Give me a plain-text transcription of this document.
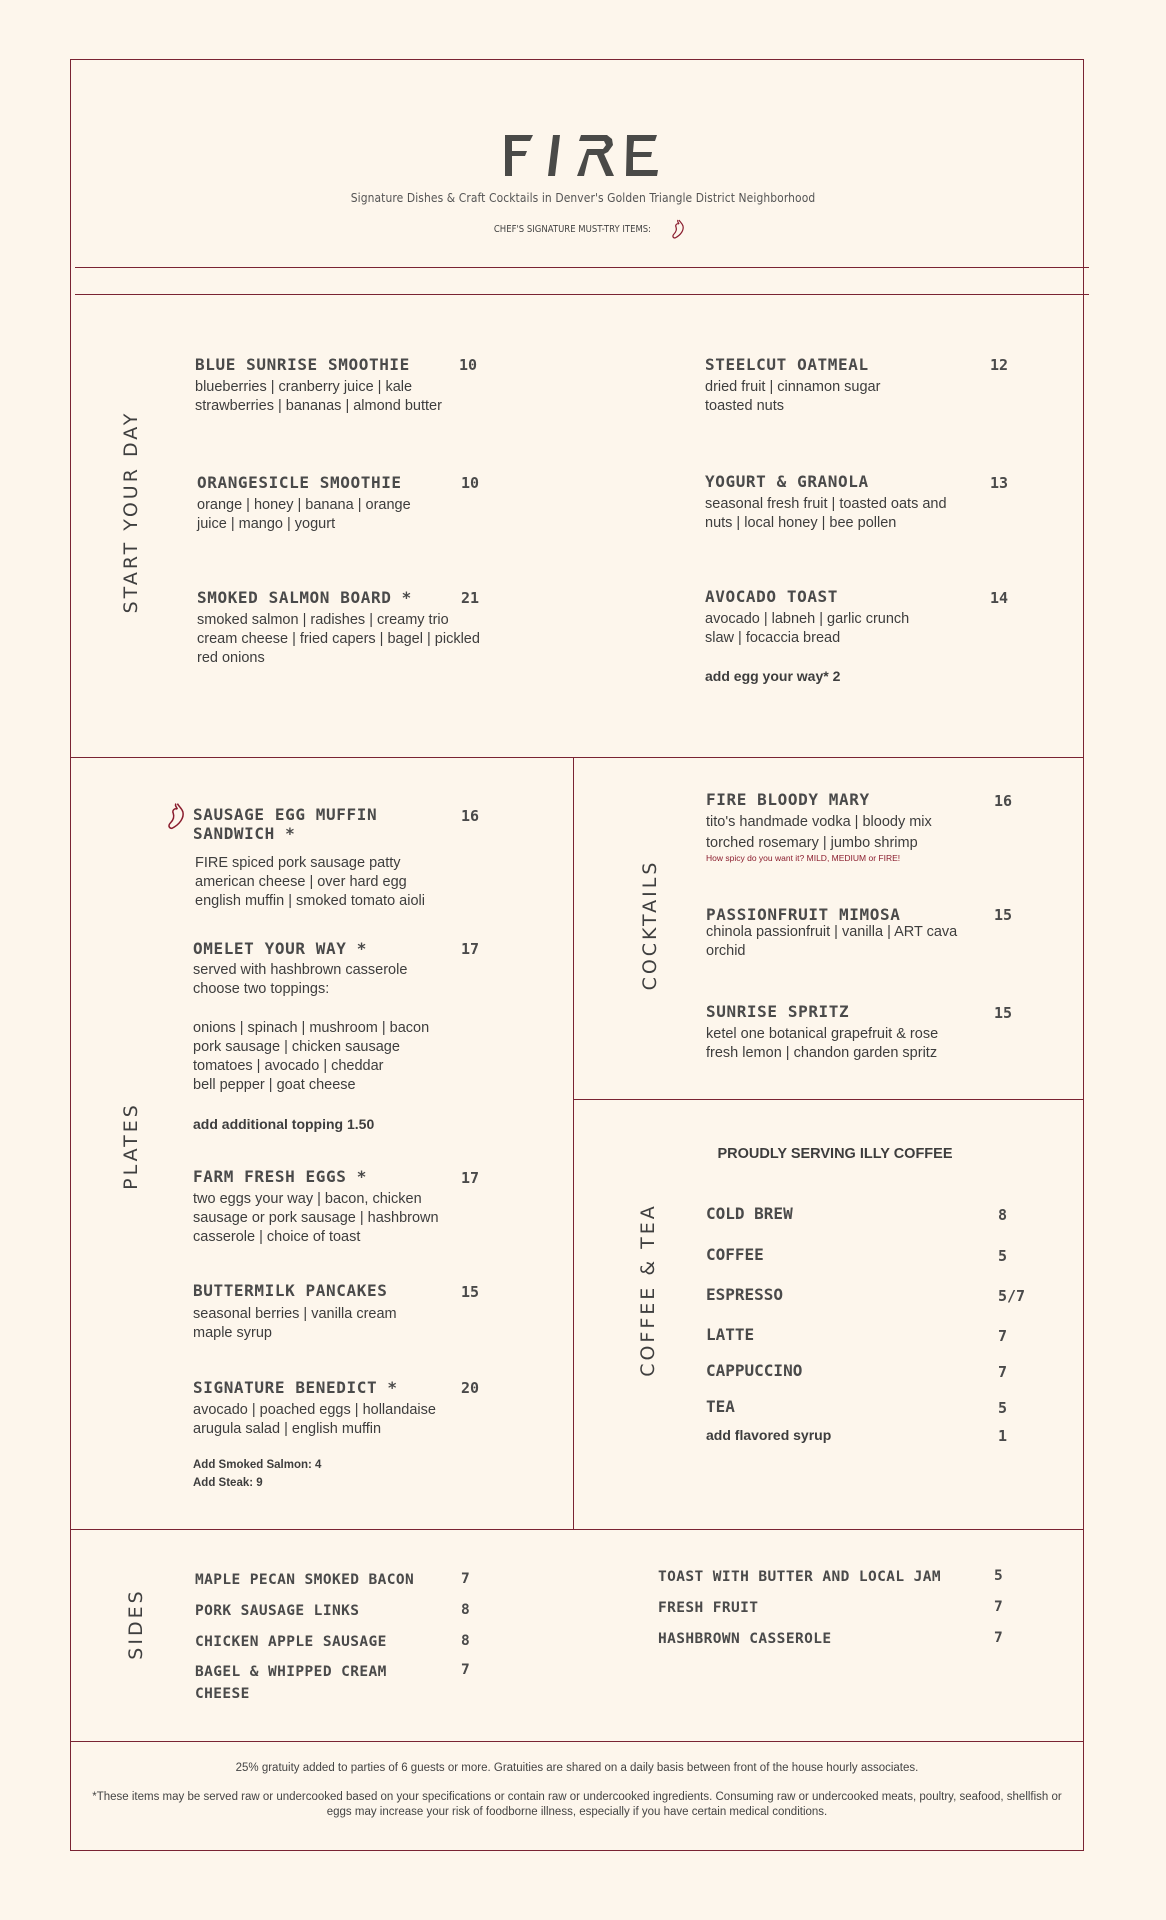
Signature Dishes & Craft Cocktails in Denver's Golden Triangle District Neighborhood
CHEF'S SIGNATURE MUST-TRY ITEMS:
START YOUR DAY
BLUE SUNRISE SMOOTHIE	10
blueberries | cranberry juice | kale
strawberries | bananas | almond butter
ORANGESICLE SMOOTHIE	10
orange | honey | banana | orange
juice | mango | yogurt
SMOKED SALMON BOARD *	21
smoked salmon | radishes | creamy trio
cream cheese | fried capers | bagel | pickled
red onions
STEELCUT OATMEAL	12
dried fruit | cinnamon sugar
toasted nuts
YOGURT & GRANOLA	13
seasonal fresh fruit | toasted oats and
nuts | local honey | bee pollen
AVOCADO TOAST	14
avocado | labneh | garlic crunch
slaw | focaccia bread
add egg your way* 2
PLATES
SAUSAGE EGG MUFFIN SANDWICH *
16
FIRE spiced pork sausage patty
american cheese | over hard egg
english muffin | smoked tomato aioli
OMELET YOUR WAY *	17
served with hashbrown casserole
choose two toppings:
onions | spinach | mushroom | bacon
pork sausage | chicken sausage
tomatoes | avocado | cheddar
bell pepper | goat cheese
add additional topping 1.50
FARM FRESH EGGS *	17
two eggs your way | bacon, chicken
sausage or pork sausage | hashbrown
casserole | choice of toast
BUTTERMILK PANCAKES	15
seasonal berries | vanilla cream
maple syrup
SIGNATURE BENEDICT *	20
avocado | poached eggs | hollandaise
arugula salad | english muffin
Add Smoked Salmon: 4
Add Steak: 9
COCKTAILS
FIRE BLOODY MARY	16
tito's handmade vodka | bloody mix
torched rosemary | jumbo shrimp
How spicy do you want it? MILD, MEDIUM or FIRE!
PASSIONFRUIT MIMOSA	15
chinola passionfruit | vanilla | ART cava
orchid
SUNRISE SPRITZ	15
ketel one botanical grapefruit & rose
fresh lemon | chandon garden spritz
COFFEE & TEA
PROUDLY SERVING ILLY COFFEE
COLD BREW	8
COFFEE	5
ESPRESSO	5/7
LATTE	7
CAPPUCCINO	7
TEA	5
add flavored syrup	1
SIDES
MAPLE PECAN SMOKED BACON	7
PORK SAUSAGE LINKS	8
CHICKEN APPLE SAUSAGE	8
BAGEL & WHIPPED CREAM CHEESE
7
TOAST WITH BUTTER AND LOCAL JAM	5
FRESH FRUIT	7
HASHBROWN CASSEROLE	7
25% gratuity added to parties of 6 guests or more. Gratuities are shared on a daily basis between front of the house hourly associates.
*These items may be served raw or undercooked based on your specifications or contain raw or undercooked ingredients. Consuming raw or undercooked meats, poultry, seafood, shellfish or eggs may increase your risk of foodborne illness, especially if you have certain medical conditions.
